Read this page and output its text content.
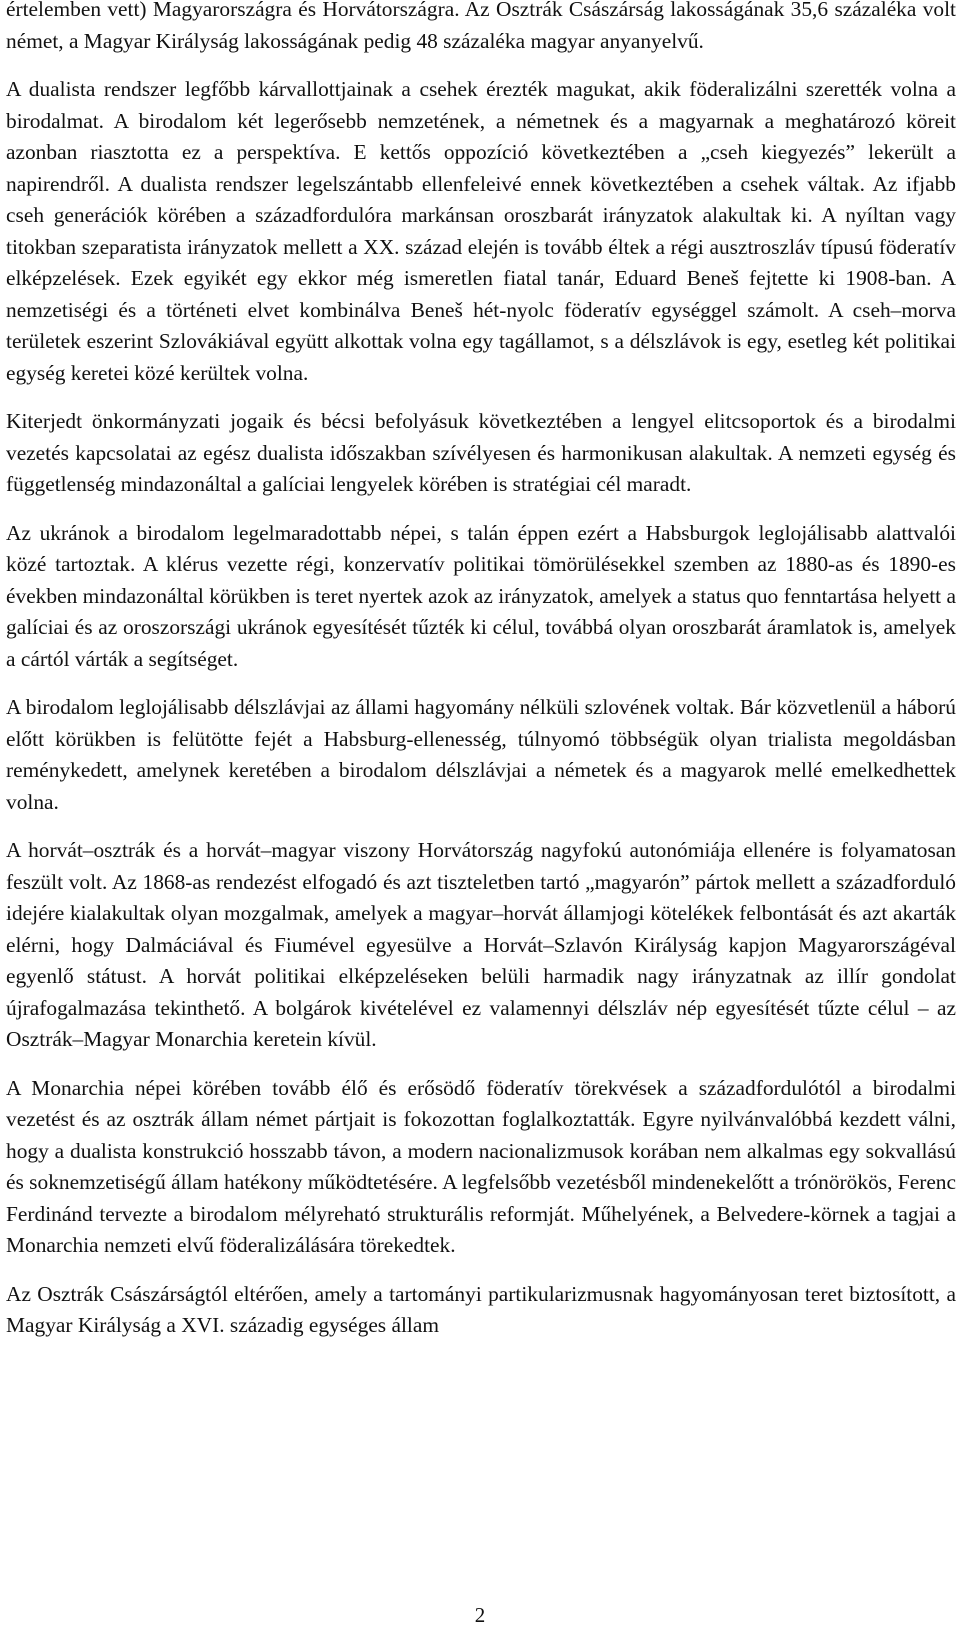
értelemben vett) Magyarországra és Horvátországra. Az Osztrák Császárság lakosságának 35,6 százaléka volt német, a Magyar Királyság lakosságának pedig 48 százaléka magyar anyanyelvű.

A dualista rendszer legfőbb kárvallottjainak a csehek érezték magukat, akik föderalizálni szerették volna a birodalmat. A birodalom két legerősebb nemzetének, a németnek és a magyarnak a meghatározó köreit azonban riasztotta ez a perspektíva. E kettős oppozíció következtében a „cseh kiegyezés” lekerült a napirendről. A dualista rendszer legelszántabb ellenfeleivé ennek következtében a csehek váltak. Az ifjabb cseh generációk körében a századfordulóra markánsan oroszbarát irányzatok alakultak ki. A nyíltan vagy titokban szeparatista irányzatok mellett a XX. század elején is tovább éltek a régi ausztroszláv típusú föderatív elképzelések. Ezek egyikét egy ekkor még ismeretlen fiatal tanár, Eduard Beneš fejtette ki 1908-ban. A nemzetiségi és a történeti elvet kombinálva Beneš hét-nyolc föderatív egységgel számolt. A cseh–morva területek eszerint Szlovákiával együtt alkottak volna egy tagállamot, s a délszlávok is egy, esetleg két politikai egység keretei közé kerültek volna.

Kiterjedt önkormányzati jogaik és bécsi befolyásuk következtében a lengyel elitcsoportok és a birodalmi vezetés kapcsolatai az egész dualista időszakban szívélyesen és harmonikusan alakultak. A nemzeti egység és függetlenség mindazonáltal a galíciai lengyelek körében is stratégiai cél maradt.

Az ukránok a birodalom legelmaradottabb népei, s talán éppen ezért a Habsburgok leglojálisabb alattvalói közé tartoztak. A klérus vezette régi, konzervatív politikai tömörülésekkel szemben az 1880-as és 1890-es években mindazonáltal körükben is teret nyertek azok az irányzatok, amelyek a status quo fenntartása helyett a galíciai és az oroszországi ukránok egyesítését tűzték ki célul, továbbá olyan oroszbarát áramlatok is, amelyek a cártól várták a segítséget.

A birodalom leglojálisabb délszlávjai az állami hagyomány nélküli szlovének voltak. Bár közvetlenül a háború előtt körükben is felütötte fejét a Habsburg-ellenesség, túlnyomó többségük olyan trialista megoldásban reménykedett, amelynek keretében a birodalom délszlávjai a németek és a magyarok mellé emelkedhettek volna.

A horvát–osztrák és a horvát–magyar viszony Horvátország nagyfokú autonómiája ellenére is folyamatosan feszült volt. Az 1868-as rendezést elfogadó és azt tiszteletben tartó „magyarón” pártok mellett a századforduló idejére kialakultak olyan mozgalmak, amelyek a magyar–horvát államjogi kötelékek felbontását és azt akarták elérni, hogy Dalmáciával és Fiumével egyesülve a Horvát–Szlavón Királyság kapjon Magyarországéval egyenlő státust. A horvát politikai elképzeléseken belüli harmadik nagy irányzatnak az illír gondolat újrafogalmazása tekinthető. A bolgárok kivételével ez valamennyi délszláv nép egyesítését tűzte célul – az Osztrák–Magyar Monarchia keretein kívül.

A Monarchia népei körében tovább élő és erősödő föderatív törekvések a századfordulótól a birodalmi vezetést és az osztrák állam német pártjait is fokozottan foglalkoztatták. Egyre nyilvánvalóbbá kezdett válni, hogy a dualista konstrukció hosszabb távon, a modern nacionalizmusok korában nem alkalmas egy sokvallású és soknemzetiségű állam hatékony működtetésére. A legfelsőbb vezetésből mindenekelőtt a trónörökös, Ferenc Ferdinánd tervezte a birodalom mélyreható strukturális reformját. Műhelyének, a Belvedere-körnek a tagjai a Monarchia nemzeti elvű föderalizálására törekedtek.

Az Osztrák Császárságtól eltérően, amely a tartományi partikularizmusnak hagyományosan teret biztosított, a Magyar Királyság a XVI. századig egységes állam

2
